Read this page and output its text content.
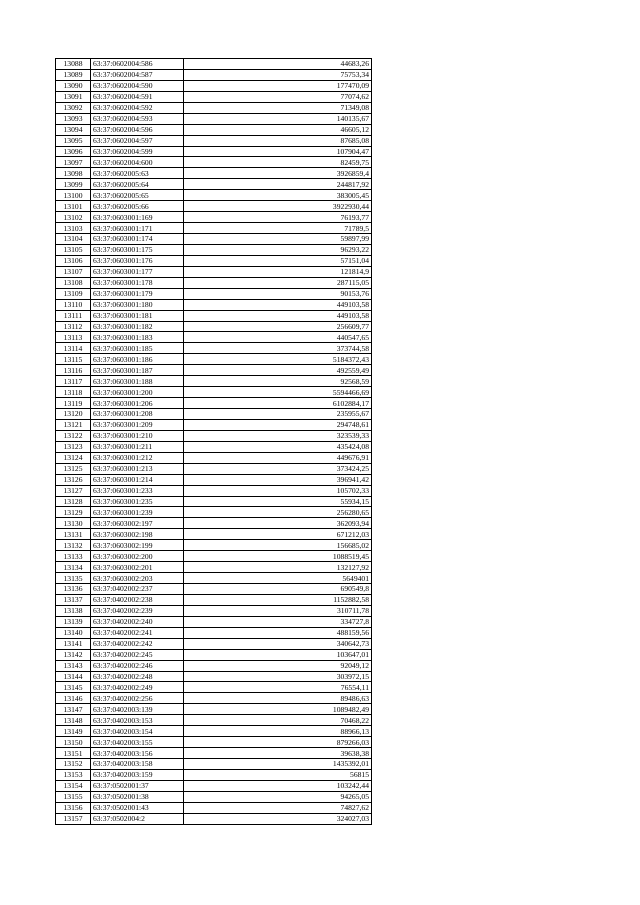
13088	63:37:0602004:586	44683,26
13089	63:37:0602004:587	75753,34
13090	63:37:0602004:590	177470,09
13091	63:37:0602004:591	77074,62
13092	63:37:0602004:592	71349,08
13093	63:37:0602004:593	140135,67
13094	63:37:0602004:596	46605,12
13095	63:37:0602004:597	87685,08
13096	63:37:0602004:599	107904,47
13097	63:37:0602004:600	82459,75
13098	63:37:0602005:63	3926859,4
13099	63:37:0602005:64	244817,92
13100	63:37:0602005:65	383005,45
13101	63:37:0602005:66	3922930,44
13102	63:37:0603001:169	76193,77
13103	63:37:0603001:171	71789,5
13104	63:37:0603001:174	59897,99
13105	63:37:0603001:175	96293,22
13106	63:37:0603001:176	57151,04
13107	63:37:0603001:177	121814,9
13108	63:37:0603001:178	287115,05
13109	63:37:0603001:179	90153,76
13110	63:37:0603001:180	449103,58
13111	63:37:0603001:181	449103,58
13112	63:37:0603001:182	256609,77
13113	63:37:0603001:183	440547,65
13114	63:37:0603001:185	373744,58
13115	63:37:0603001:186	5184372,43
13116	63:37:0603001:187	492559,49
13117	63:37:0603001:188	92568,59
13118	63:37:0603001:200	5594466,69
13119	63:37:0603001:206	6102884,17
13120	63:37:0603001:208	235955,67
13121	63:37:0603001:209	294748,61
13122	63:37:0603001:210	323539,33
13123	63:37:0603001:211	435424,08
13124	63:37:0603001:212	449676,91
13125	63:37:0603001:213	373424,25
13126	63:37:0603001:214	396941,42
13127	63:37:0603001:233	105702,33
13128	63:37:0603001:235	55934,15
13129	63:37:0603001:239	256280,65
13130	63:37:0603002:197	362093,94
13131	63:37:0603002:198	671212,03
13132	63:37:0603002:199	156685,02
13133	63:37:0603002:200	1088519,45
13134	63:37:0603002:201	132127,92
13135	63:37:0603002:203	5649401
13136	63:37:0402002:237	690549,8
13137	63:37:0402002:238	1152882,58
13138	63:37:0402002:239	310711,78
13139	63:37:0402002:240	334727,8
13140	63:37:0402002:241	488159,56
13141	63:37:0402002:242	340642,73
13142	63:37:0402002:245	103647,01
13143	63:37:0402002:246	92049,12
13144	63:37:0402002:248	303972,15
13145	63:37:0402002:249	76554,11
13146	63:37:0402002:256	89486,63
13147	63:37:0402003:139	1089482,49
13148	63:37:0402003:153	70468,22
13149	63:37:0402003:154	88966,13
13150	63:37:0402003:155	879266,03
13151	63:37:0402003:156	39638,38
13152	63:37:0402003:158	1435392,01
13153	63:37:0402003:159	56815
13154	63:37:0502001:37	103242,44
13155	63:37:0502001:38	94265,05
13156	63:37:0502001:43	74827,62
13157	63:37:0502004:2	324027,03
